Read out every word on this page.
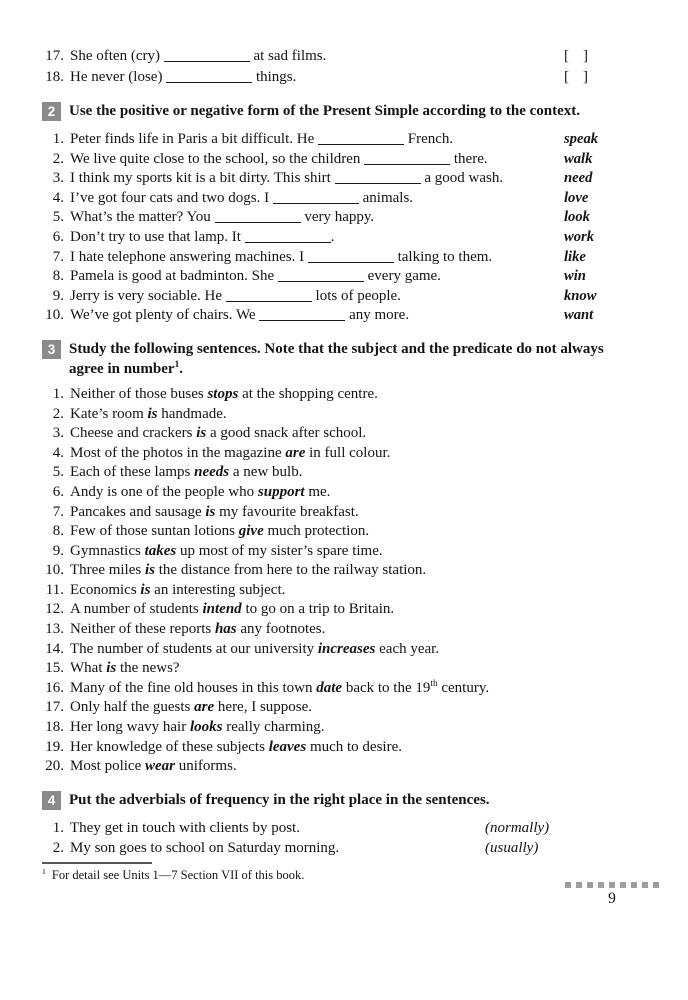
17. She often (cry)	at sad films.	[ ]
18. He never (lose)	things.	[ ]
2 Use the positive or negative form of the Present Simple according to the context.
1. Peter finds life in Paris a bit difficult. He	French.	speak
2. We live quite close to the school, so the children	there.	walk
3. I think my sports kit is a bit dirty. This shirt	a good wash.	need
4. I’ve got four cats and two dogs. I	animals.	love
5. What’s the matter? You	very happy.	look
6. Don’t try to use that lamp. It	.	work
7. I hate telephone answering machines. I	talking to them.	like
8. Pamela is good at badminton. She	every game.	win
9. Jerry is very sociable. He	lots of people.	know
10. We’ve got plenty of chairs. We	any more.	want
3 Study the following sentences. Note that the subject and the predicate do not always agree in number$^1$.
1. Neither of those buses stops at the shopping centre.
2. Kate’s room is handmade.
3. Cheese and crackers is a good snack after school.
4. Most of the photos in the magazine are in full colour.
5. Each of these lamps needs a new bulb.
6. Andy is one of the people who support me.
7. Pancakes and sausage is my favourite breakfast.
8. Few of those suntan lotions give much protection.
9. Gymnastics takes up most of my sister’s spare time.
10. Three miles is the distance from here to the railway station.
11. Economics is an interesting subject.
12. A number of students intend to go on a trip to Britain.
13. Neither of these reports has any footnotes.
14. The number of students at our university increases each year.
15. What is the news?
16. Many of the fine old houses in this town date back to the 19th century.
17. Only half the guests are here, I suppose.
18. Her long wavy hair looks really charming.
19. Her knowledge of these subjects leaves much to desire.
20. Most police wear uniforms.
4 Put the adverbials of frequency in the right place in the sentences.
1. They get in touch with clients by post.	(normally)
2. My son goes to school on Saturday morning.	(usually)
$^1$ For detail see Units 1—7 Section VII of this book.
9
